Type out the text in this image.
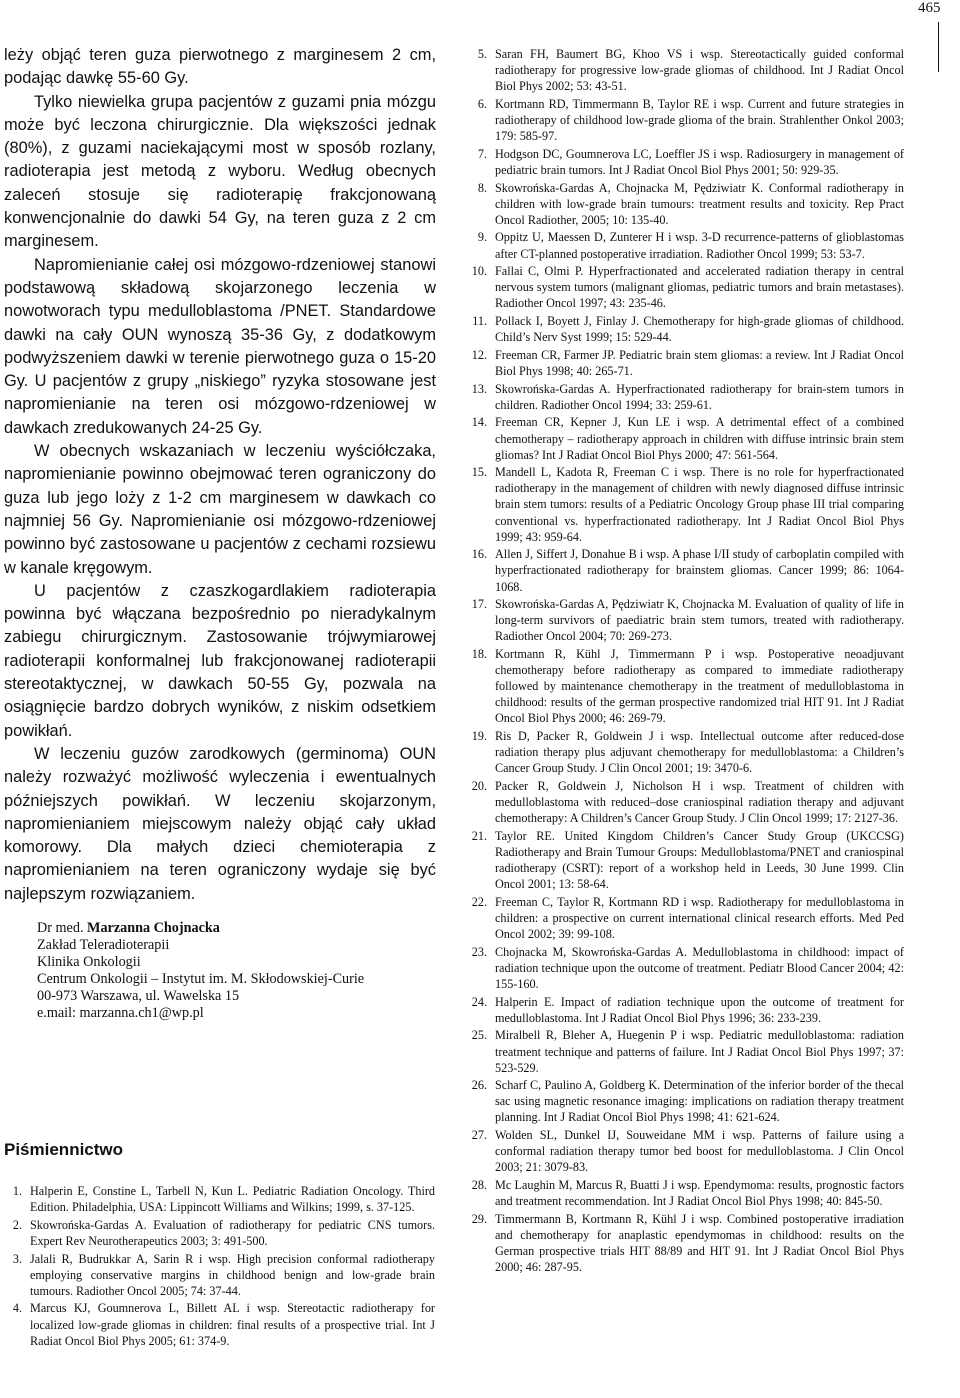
465

leży objąć teren guza pierwotnego z marginesem 2 cm, podając dawkę 55-60 Gy.

Tylko niewielka grupa pacjentów z guzami pnia mózgu może być leczona chirurgicznie. Dla większości jednak (80%), z guzami naciekającymi most w sposób rozlany, radioterapia jest metodą z wyboru. Według obecnych zaleceń stosuje się radioterapię frakcjonowaną konwencjonalnie do dawki 54 Gy, na teren guza z 2 cm marginesem.

Napromienianie całej osi mózgowo-rdzeniowej stanowi podstawową składową skojarzonego leczenia w nowotworach typu medulloblastoma /PNET. Standardowe dawki na cały OUN wynoszą 35-36 Gy, z dodatkowym podwyższeniem dawki w terenie pierwotnego guza o 15-20 Gy. U pacjentów z grupy „niskiego” ryzyka stosowane jest napromienianie na teren osi mózgowo-rdzeniowej w dawkach zredukowanych 24-25 Gy.

W obecnych wskazaniach w leczeniu wyściółczaka, napromienianie powinno obejmować teren ograniczony do guza lub jego loży z 1-2 cm marginesem w dawkach co najmniej 56 Gy. Napromienianie osi mózgowo-rdzeniowej powinno być zastosowane u pacjentów z cechami rozsiewu w kanale kręgowym.

U pacjentów z czaszkogardlakiem radioterapia powinna być włączana bezpośrednio po nieradykalnym zabiegu chirurgicznym. Zastosowanie trójwymiarowej radioterapii konformalnej lub frakcjonowanej radioterapii stereotaktycznej, w dawkach 50-55 Gy, pozwala na osiągnięcie bardzo dobrych wyników, z niskim odsetkiem powikłań.

W leczeniu guzów zarodkowych (germinoma) OUN należy rozważyć możliwość wyleczenia i ewentualnych późniejszych powikłań. W leczeniu skojarzonym, napromienianiem miejscowym należy objąć cały układ komorowy. Dla małych dzieci chemioterapia z napromienianiem na teren ograniczony wydaje się być najlepszym rozwiązaniem.

Dr med. Marzanna Chojnacka
Zakład Teleradioterapii
Klinika Onkologii
Centrum Onkologii – Instytut im. M. Skłodowskiej-Curie
00-973 Warszawa, ul. Wawelska 15
e.mail: marzanna.ch1@wp.pl
Piśmiennictwo
1. Halperin E, Constine L, Tarbell N, Kun L. Pediatric Radiation Oncology. Third Edition. Philadelphia, USA: Lippincott Williams and Wilkins; 1999, s. 37-125.
2. Skowrońska-Gardas A. Evaluation of radiotherapy for pediatric CNS tumors. Expert Rev Neurotherapeutics 2003; 3: 491-500.
3. Jalali R, Budrukkar A, Sarin R i wsp. High precision conformal radiotherapy employing conservative margins in childhood benign and low-grade brain tumours. Radiother Oncol 2005; 74: 37-44.
4. Marcus KJ, Goumnerova L, Billett AL i wsp. Stereotactic radiotherapy for localized low-grade gliomas in children: final results of a prospective trial. Int J Radiat Oncol Biol Phys 2005; 61: 374-9.
5. Saran FH, Baumert BG, Khoo VS i wsp. Stereotactically guided conformal radiotherapy for progressive low-grade gliomas of childhood. Int J Radiat Oncol Biol Phys 2002; 53: 43-51.
6. Kortmann RD, Timmermann B, Taylor RE i wsp. Current and future strategies in radiotherapy of childhood low-grade glioma of the brain. Strahlenther Onkol 2003; 179: 585-97.
7. Hodgson DC, Goumnerova LC, Loeffler JS i wsp. Radiosurgery in management of pediatric brain tumors. Int J Radiat Oncol Biol Phys 2001; 50: 929-35.
8. Skowrońska-Gardas A, Chojnacka M, Pędziwiatr K. Conformal radiotherapy in children with low-grade brain tumours: treatment results and toxicity. Rep Pract Oncol Radiother, 2005; 10: 135-40.
9. Oppitz U, Maessen D, Zunterer H i wsp. 3-D recurrence-patterns of glioblastomas after CT-planned postoperative irradiation. Radiother Oncol 1999; 53: 53-7.
10. Fallai C, Olmi P. Hyperfractionated and accelerated radiation therapy in central nervous system tumors (malignant gliomas, pediatric tumors and brain metastases). Radiother Oncol 1997; 43: 235-46.
11. Pollack I, Boyett J, Finlay J. Chemotherapy for high-grade gliomas of childhood. Child’s Nerv Syst 1999; 15: 529-44.
12. Freeman CR, Farmer JP. Pediatric brain stem gliomas: a review. Int J Radiat Oncol Biol Phys 1998; 40: 265-71.
13. Skowrońska-Gardas A. Hyperfractionated radiotherapy for brain-stem tumors in children. Radiother Oncol 1994; 33: 259-61.
14. Freeman CR, Kepner J, Kun LE i wsp. A detrimental effect of a combined chemotherapy – radiotherapy approach in children with diffuse intrinsic brain stem gliomas? Int J Radiat Oncol Biol Phys 2000; 47: 561-564.
15. Mandell L, Kadota R, Freeman C i wsp. There is no role for hyperfractionated radiotherapy in the management of children with newly diagnosed diffuse intrinsic brain stem tumors: results of a Pediatric Oncology Group phase III trial comparing conventional vs. hyperfractionated radiotherapy. Int J Radiat Oncol Biol Phys 1999; 43: 959-64.
16. Allen J, Siffert J, Donahue B i wsp. A phase I/II study of carboplatin compiled with hyperfractionated radiotherapy for brainstem gliomas. Cancer 1999; 86: 1064-1068.
17. Skowrońska-Gardas A, Pędziwiatr K, Chojnacka M. Evaluation of quality of life in long-term survivors of paediatric brain stem tumors, treated with radiotherapy. Radiother Oncol 2004; 70: 269-273.
18. Kortmann R, Kühl J, Timmermann P i wsp. Postoperative neoadjuvant chemotherapy before radiotherapy as compared to immediate radiotherapy followed by maintenance chemotherapy in the treatment of medulloblastoma in childhood: results of the german prospective randomized trial HIT 91. Int J Radiat Oncol Biol Phys 2000; 46: 269-79.
19. Ris D, Packer R, Goldwein J i wsp. Intellectual outcome after reduced-dose radiation therapy plus adjuvant chemotherapy for medulloblastoma: a Children’s Cancer Group Study. J Clin Oncol 2001; 19: 3470-6.
20. Packer R, Goldwein J, Nicholson H i wsp. Treatment of children with medulloblastoma with reduced–dose craniospinal radiation therapy and adjuvant chemotherapy: A Children’s Cancer Group Study. J Clin Oncol 1999; 17: 2127-36.
21. Taylor RE. United Kingdom Children’s Cancer Study Group (UKCCSG) Radiotherapy and Brain Tumour Groups: Medulloblastoma/PNET and craniospinal radiotherapy (CSRT): report of a workshop held in Leeds, 30 June 1999. Clin Oncol 2001; 13: 58-64.
22. Freeman C, Taylor R, Kortmann RD i wsp. Radiotherapy for medulloblastoma in children: a prospective on current international clinical research efforts. Med Ped Oncol 2002; 39: 99-108.
23. Chojnacka M, Skowrońska-Gardas A. Medulloblastoma in childhood: impact of radiation technique upon the outcome of treatment. Pediatr Blood Cancer 2004; 42: 155-160.
24. Halperin E. Impact of radiation technique upon the outcome of treatment for medulloblastoma. Int J Radiat Oncol Biol Phys 1996; 36: 233-239.
25. Miralbell R, Bleher A, Huegenin P i wsp. Pediatric medulloblastoma: radiation treatment technique and patterns of failure. Int J Radiat Oncol Biol Phys 1997; 37: 523-529.
26. Scharf C, Paulino A, Goldberg K. Determination of the inferior border of the thecal sac using magnetic resonance imaging: implications on radiation therapy treatment planning. Int J Radiat Oncol Biol Phys 1998; 41: 621-624.
27. Wolden SL, Dunkel IJ, Souweidane MM i wsp. Patterns of failure using a conformal radiation therapy tumor bed boost for medulloblastoma. J Clin Oncol 2003; 21: 3079-83.
28. Mc Laughin M, Marcus R, Buatti J i wsp. Ependymoma: results, prognostic factors and treatment recommendation. Int J Radiat Oncol Biol Phys 1998; 40: 845-50.
29. Timmermann B, Kortmann R, Kühl J i wsp. Combined postoperative irradiation and chemotherapy for anaplastic ependymomas in childhood: results on the German prospective trials HIT 88/89 and HIT 91. Int J Radiat Oncol Biol Phys 2000; 46: 287-95.
